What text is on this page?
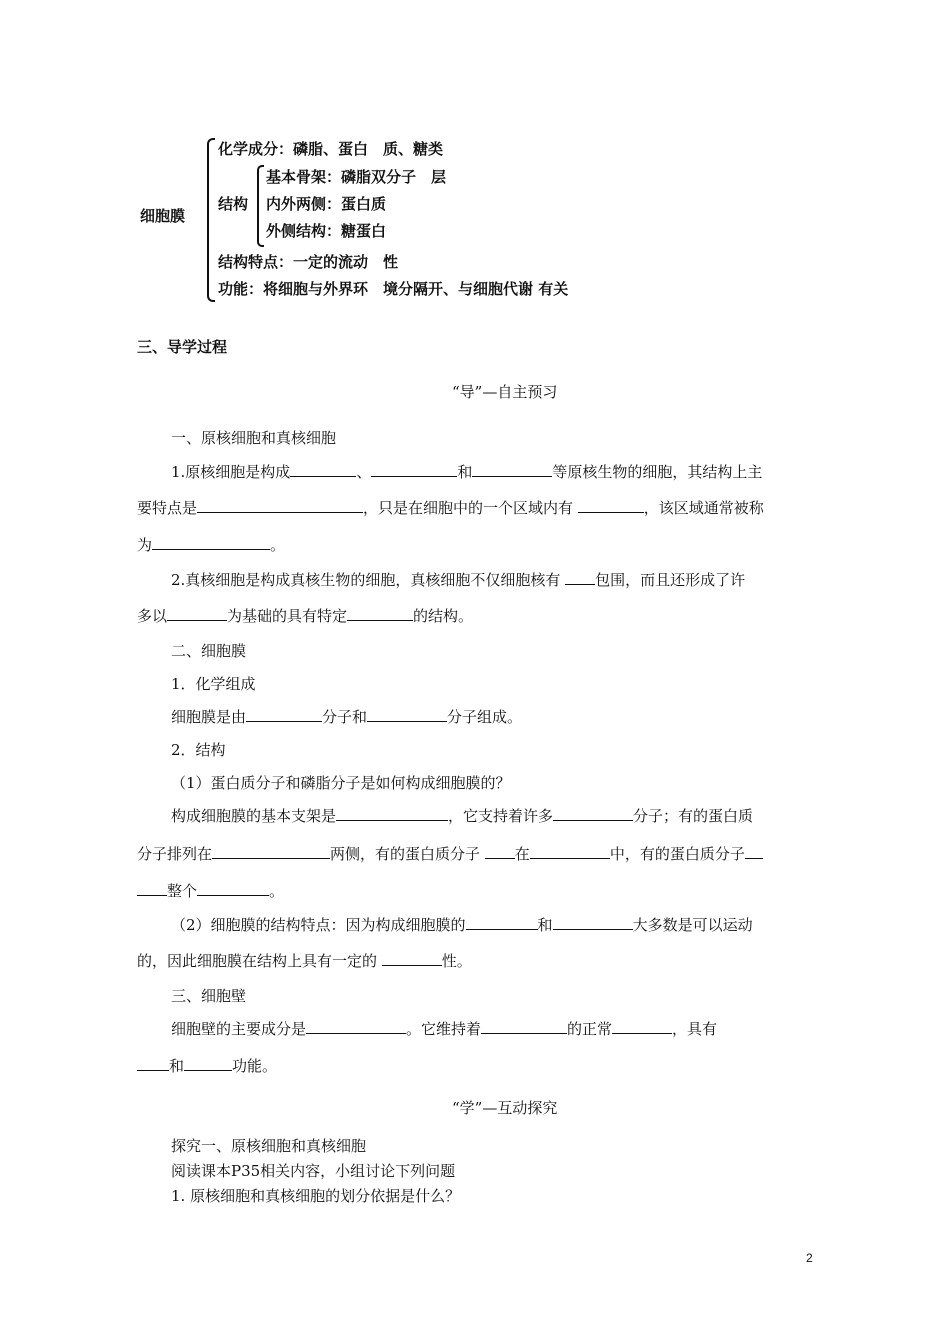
细胞膜
化学成分：磷脂、蛋白　质、糖类
结构
基本骨架：磷脂双分子　层
内外两侧：蛋白质
外侧结构：糖蛋白
结构特点：一定的流动　性
功能：将细胞与外界环　境分隔开、与细胞代谢 有关
三、导学过程
“导”—自主预习
一、原核细胞和真核细胞
1.原核细胞是构成	、	和	等原核生物的细胞，其结构上主
要特点是	，只是在细胞中的一个区域内有	，该区域通常被称
为	。
2.真核细胞是构成真核生物的细胞，真核细胞不仅细胞核有 包围，而且还形成了许
多以	为基础的具有特定	的结构。
二、细胞膜
1．化学组成
细胞膜是由	分子和	分子组成。
2．结构
（1）蛋白质分子和磷脂分子是如何构成细胞膜的？
构成细胞膜的基本支架是	，它支持着许多	分子；有的蛋白质
分子排列在	两侧，有的蛋白质分子 在	中，有的蛋白质分子
整个	。
（2）细胞膜的结构特点：因为构成细胞膜的	和	大多数是可以运动
的，因此细胞膜在结构上具有一定的	性。
三、细胞壁
细胞壁的主要成分是	。它维持着	的正常	，具有
和	功能。
“学”—互动探究
探究一、原核细胞和真核细胞
阅读课本P35相关内容，小组讨论下列问题
1. 原核细胞和真核细胞的划分依据是什么？
2
